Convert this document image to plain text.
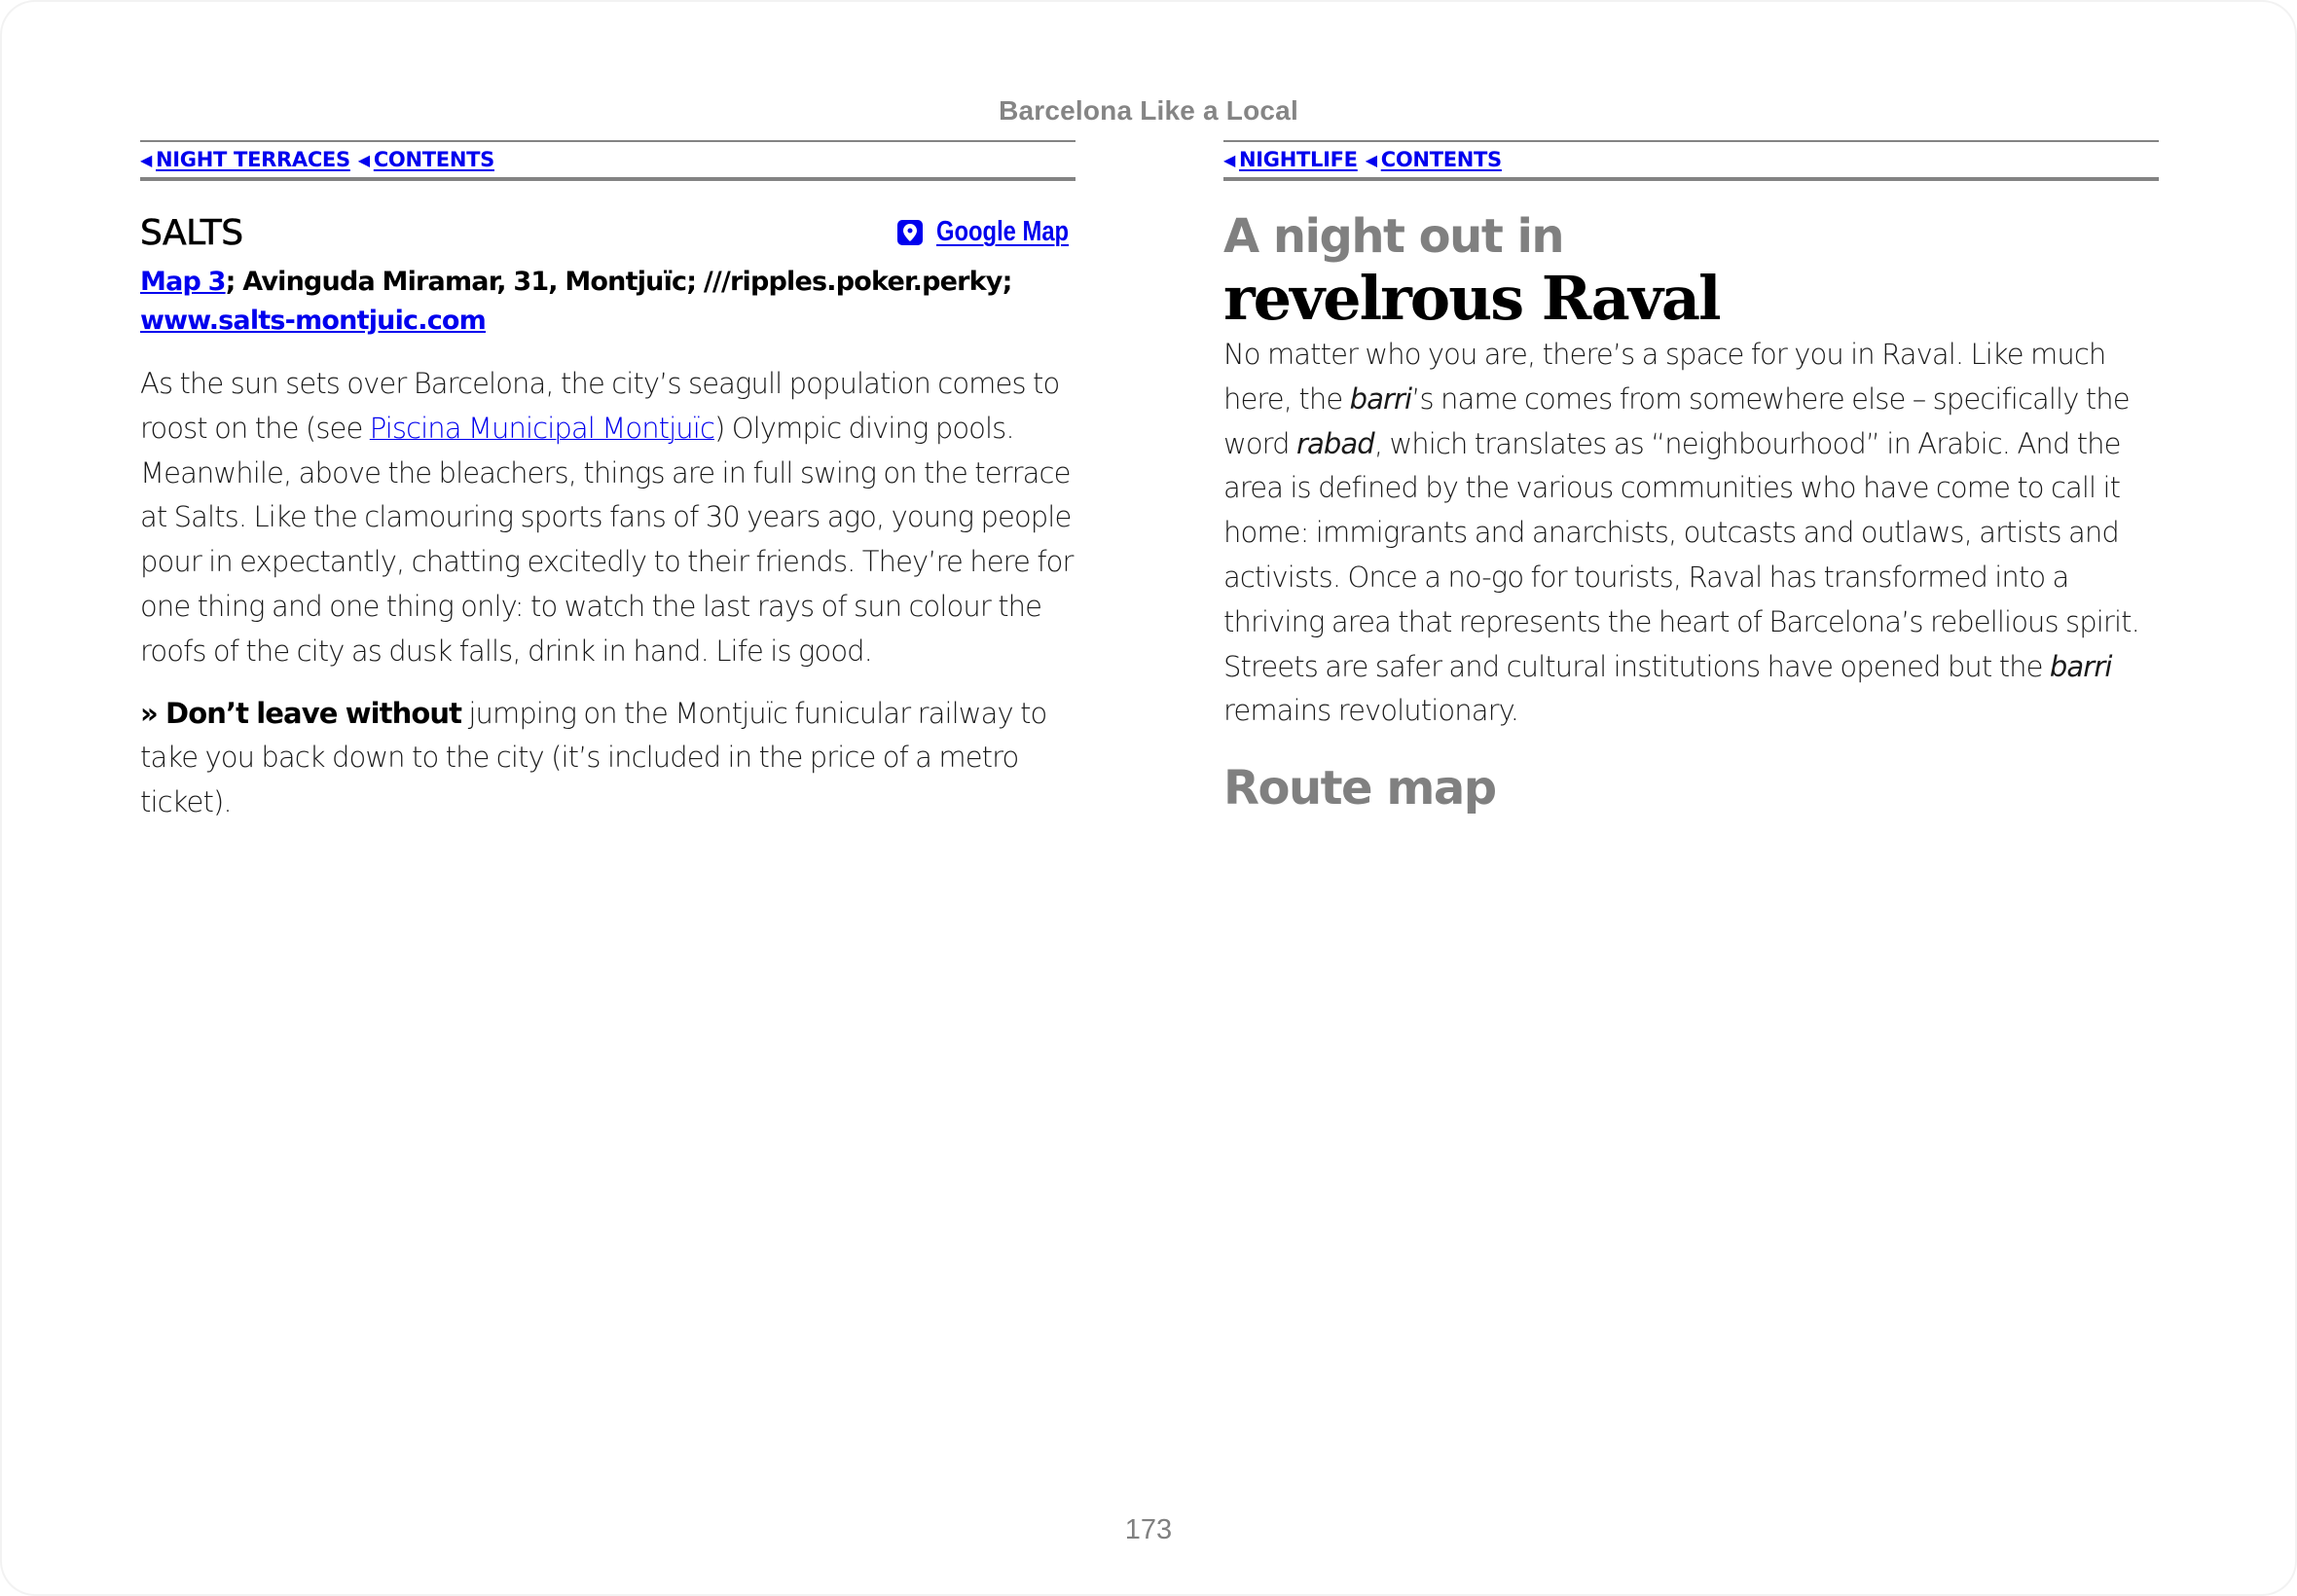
Barcelona Like a Local
◀ NIGHT TERRACES ◀ CONTENTS
SALTS	Google Map
Map 3; Avinguda Miramar, 31, Montjuïc; ///ripples.poker.perky; www.salts-montjuic.com

As the sun sets over Barcelona, the city’s seagull population comes to roost on the (see Piscina Municipal Montjuïc) Olympic diving pools. Meanwhile, above the bleachers, things are in full swing on the terrace at Salts. Like the clamouring sports fans of 30 years ago, young people pour in expectantly, chatting excitedly to their friends. They’re here for one thing and one thing only: to watch the last rays of sun colour the roofs of the city as dusk falls, drink in hand. Life is good.

» Don’t leave without jumping on the Montjuïc funicular railway to take you back down to the city (it’s included in the price of a metro ticket).

◀ NIGHTLIFE ◀ CONTENTS
A night out in
revelrous Raval

No matter who you are, there’s a space for you in Raval. Like much here, the barri’s name comes from somewhere else – specifically the word rabad, which translates as “neighbourhood” in Arabic. And the area is defined by the various communities who have come to call it home: immigrants and anarchists, outcasts and outlaws, artists and activists. Once a no-go for tourists, Raval has transformed into a thriving area that represents the heart of Barcelona’s rebellious spirit. Streets are safer and cultural institutions have opened but the barri remains revolutionary.

Route map
173
